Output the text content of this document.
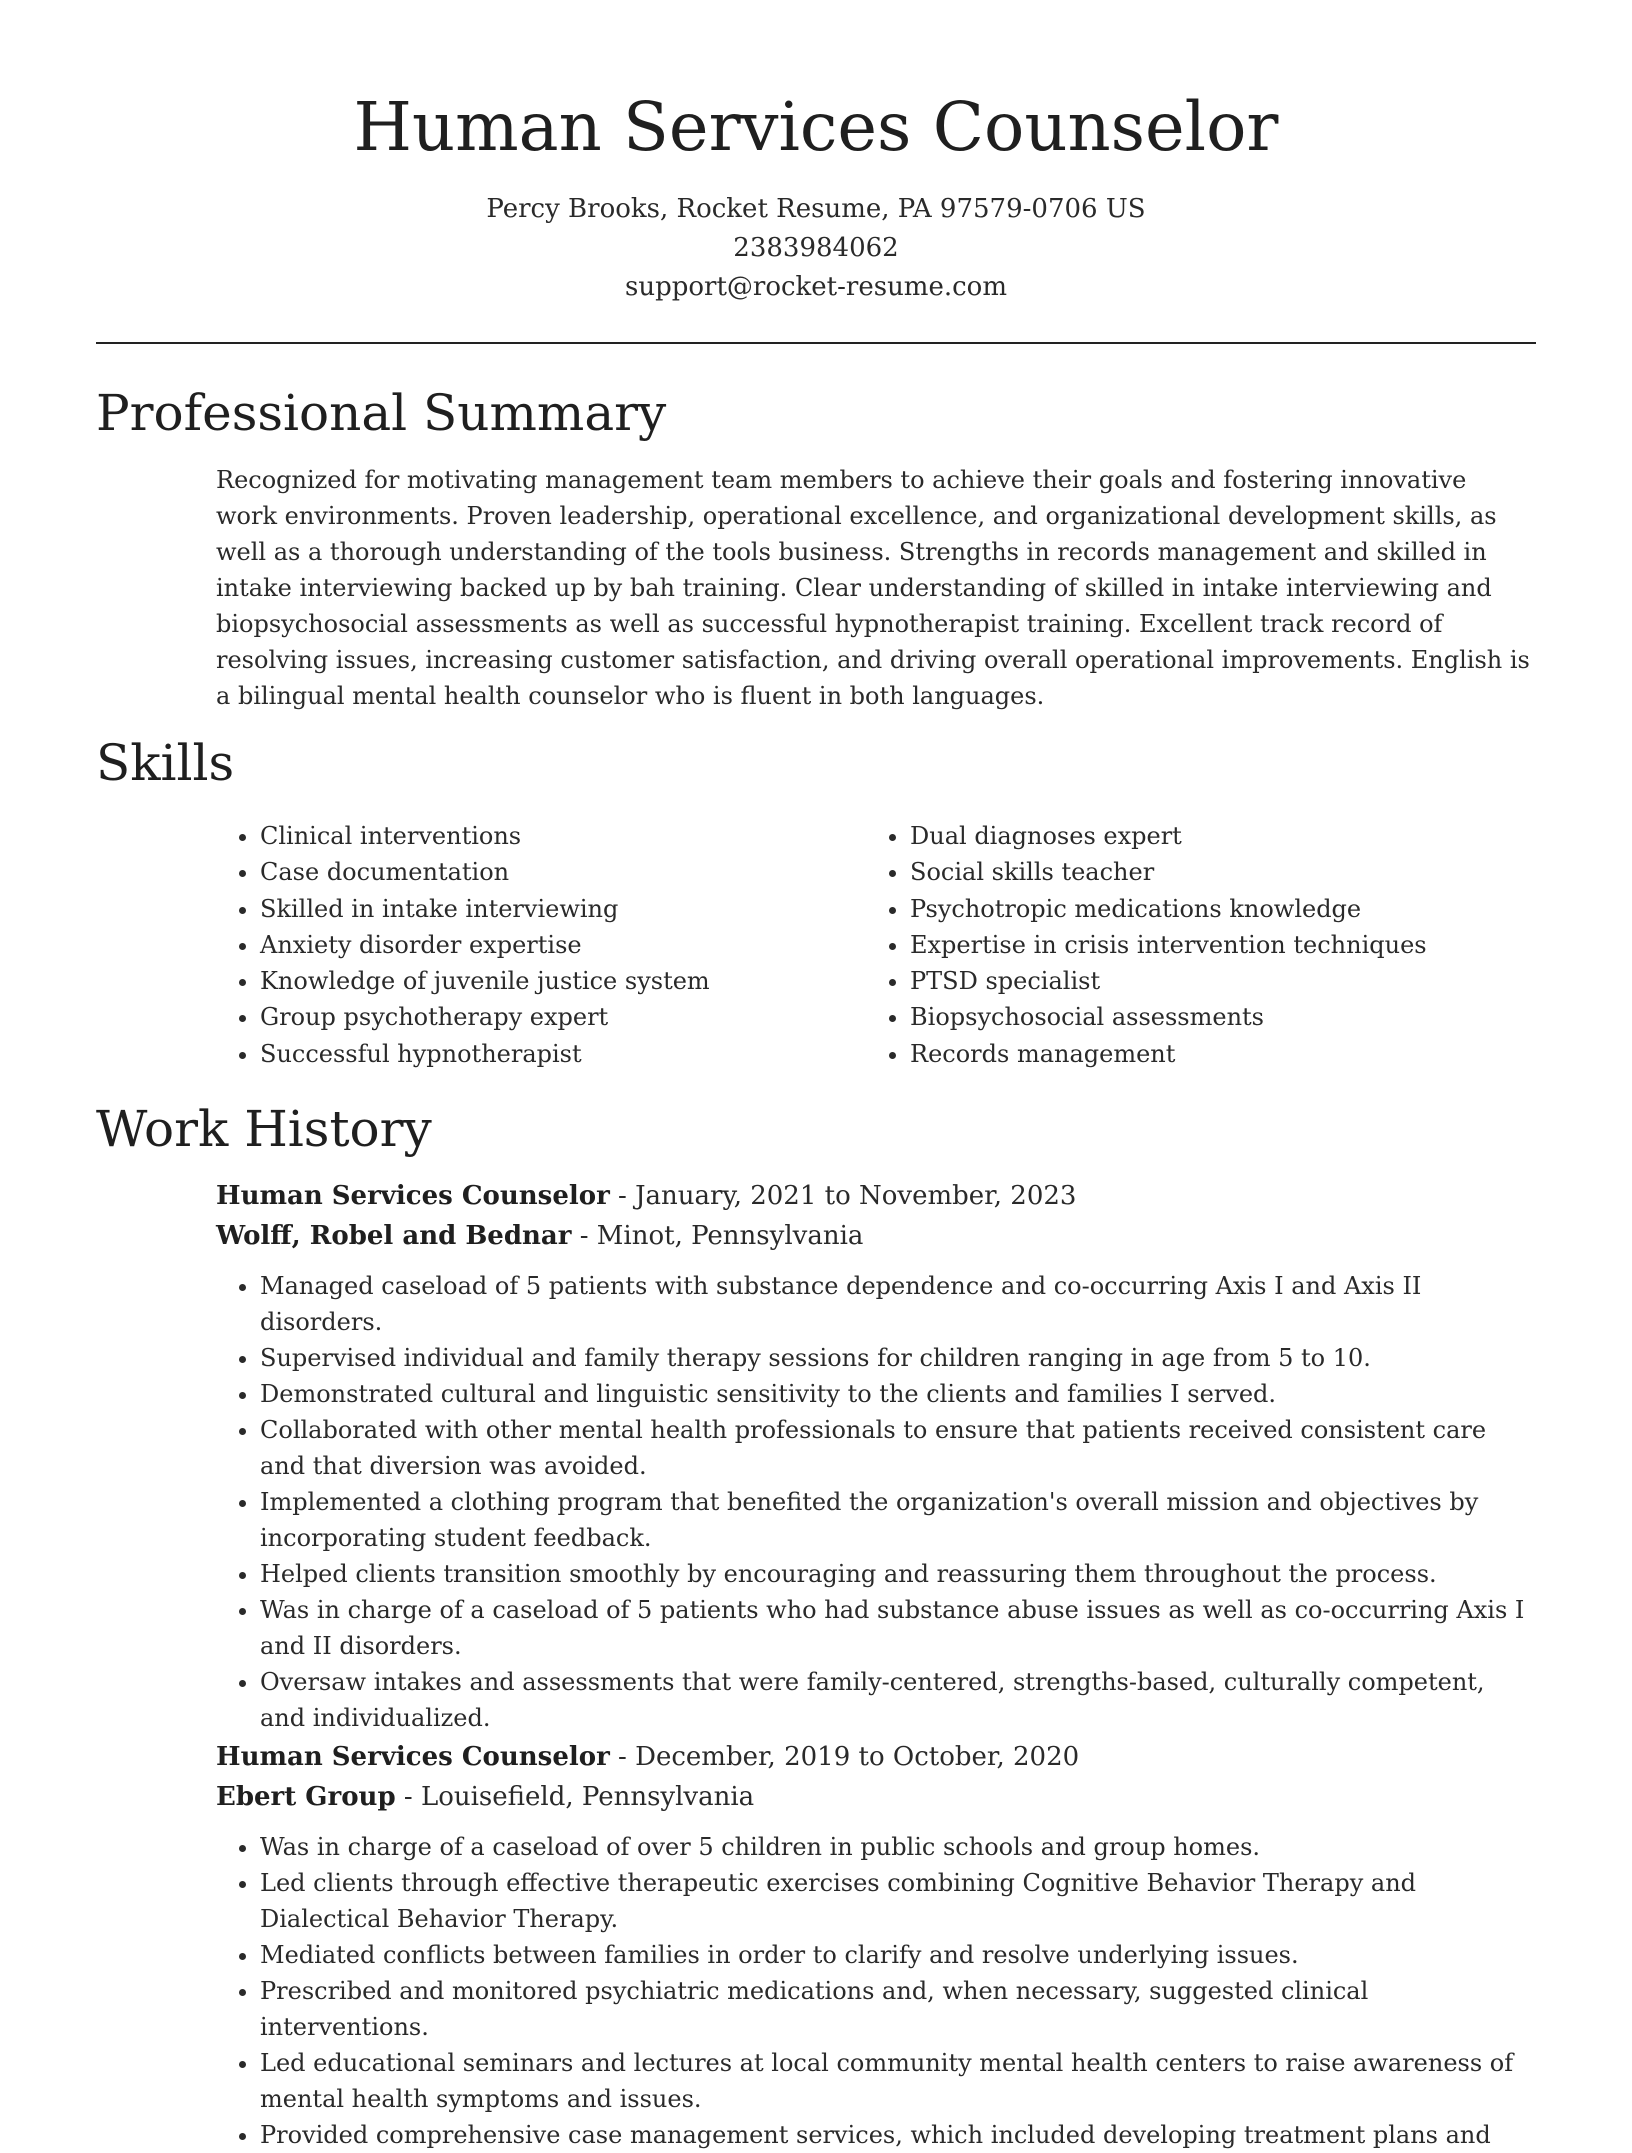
Human Services Counselor
Percy Brooks, Rocket Resume, PA 97579-0706 US
2383984062
support@rocket-resume.com
Professional Summary

Recognized for motivating management team members to achieve their goals and fostering innovative work environments. Proven leadership, operational excellence, and organizational development skills, as well as a thorough understanding of the tools business. Strengths in records management and skilled in intake interviewing backed up by bah training. Clear understanding of skilled in intake interviewing and biopsychosocial assessments as well as successful hypnotherapist training. Excellent track record of resolving issues, increasing customer satisfaction, and driving overall operational improvements. English is a bilingual mental health counselor who is fluent in both languages.

Skills
• Clinical interventions
• Case documentation
• Skilled in intake interviewing
• Anxiety disorder expertise
• Knowledge of juvenile justice system
• Group psychotherapy expert
• Successful hypnotherapist
• Dual diagnoses expert
• Social skills teacher
• Psychotropic medications knowledge
• Expertise in crisis intervention techniques
• PTSD specialist
• Biopsychosocial assessments
• Records management
Work History
Human Services Counselor - January, 2021 to November, 2023
Wolff, Robel and Bednar - Minot, Pennsylvania
• Managed caseload of 5 patients with substance dependence and co-occurring Axis I and Axis II disorders.
• Supervised individual and family therapy sessions for children ranging in age from 5 to 10.
• Demonstrated cultural and linguistic sensitivity to the clients and families I served.
• Collaborated with other mental health professionals to ensure that patients received consistent care and that diversion was avoided.
• Implemented a clothing program that benefited the organization's overall mission and objectives by incorporating student feedback.
• Helped clients transition smoothly by encouraging and reassuring them throughout the process.
• Was in charge of a caseload of 5 patients who had substance abuse issues as well as co-occurring Axis I and II disorders.
• Oversaw intakes and assessments that were family-centered, strengths-based, culturally competent, and individualized.
Human Services Counselor - December, 2019 to October, 2020
Ebert Group - Louisefield, Pennsylvania
• Was in charge of a caseload of over 5 children in public schools and group homes.
• Led clients through effective therapeutic exercises combining Cognitive Behavior Therapy and Dialectical Behavior Therapy.
• Mediated conflicts between families in order to clarify and resolve underlying issues.
• Prescribed and monitored psychiatric medications and, when necessary, suggested clinical interventions.
• Led educational seminars and lectures at local community mental health centers to raise awareness of mental health symptoms and issues.
• Provided comprehensive case management services, which included developing treatment plans and
